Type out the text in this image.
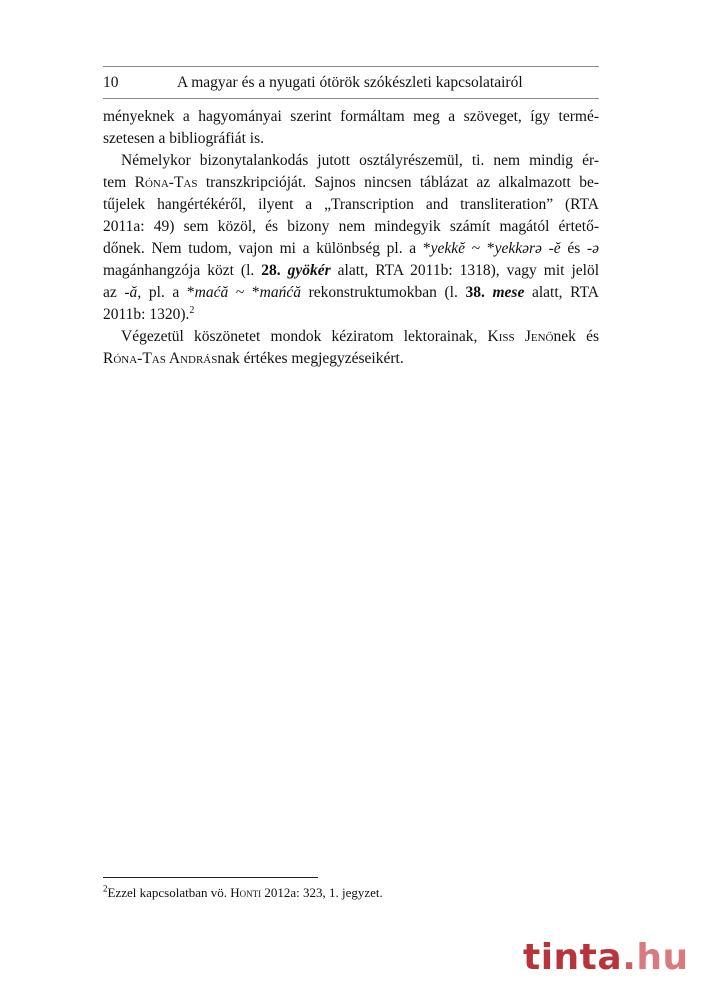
10	A magyar és a nyugati ótörök szókészleti kapcsolatairól

ményeknek a hagyományai szerint formáltam meg a szöveget, így termé-
szetesen a bibliográfiát is.

Némelykor bizonytalankodás jutott osztályrészemül, ti. nem mindig ér-
tem Róna-Tas transzkripcióját. Sajnos nincsen táblázat az alkalmazott be-
tűjelek hangértékéről, ilyent a „Transcription and transliteration” (RTA
2011a: 49) sem közöl, és bizony nem mindegyik számít magától értető-
dőnek. Nem tudom, vajon mi a különbség pl. a *yekkĕ ~ *yekkərə -ĕ és -ə
magánhangzója közt (l. 28. gyökér alatt, RTA 2011b: 1318), vagy mit jelöl
az -ă, pl. a *maćă ~ *mańćă rekonstruktumokban (l. 38. mese alatt, RTA
2011b: 1320).$^2$

Végezetül köszönetet mondok kéziratom lektorainak, Kiss Jenőnek és
Róna-Tas Andrásnak értékes megjegyzéseikért.

$^2$Ezzel kapcsolatban vö. Honti 2012a: 323, 1. jegyzet.
tinta.hu
